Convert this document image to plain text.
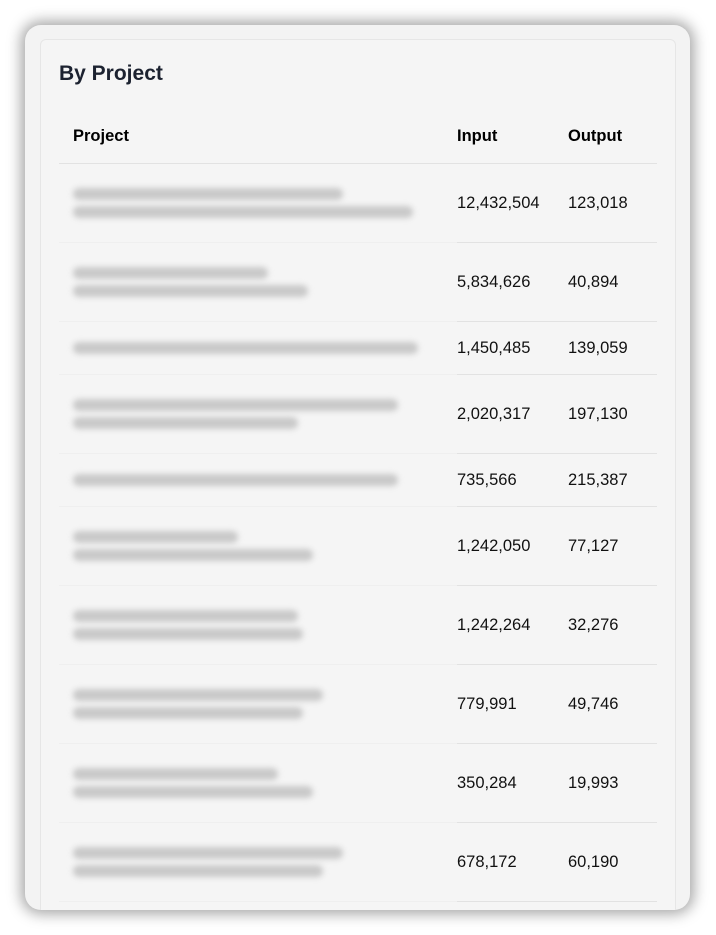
By Project
Project	Input	Output

	12,432,504	123,018

	5,834,626	40,894

	1,450,485	139,059

	2,020,317	197,130

	735,566	215,387

	1,242,050	77,127

	1,242,264	32,276

	779,991	49,746

	350,284	19,993

	678,172	60,190
